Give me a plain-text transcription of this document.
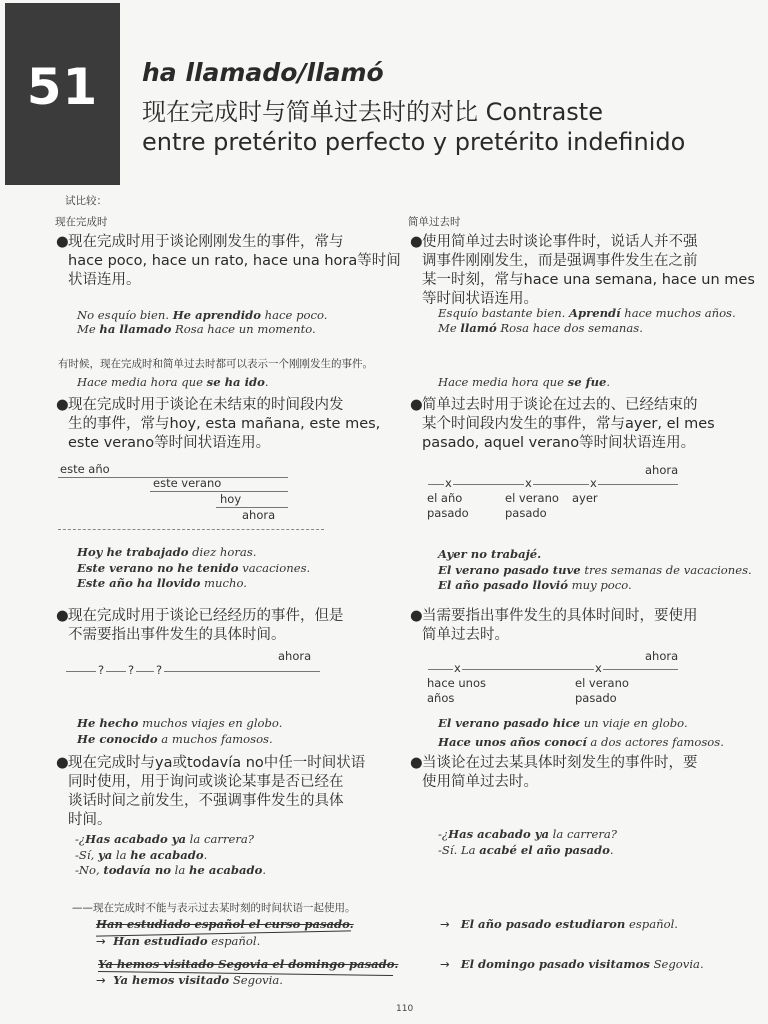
51	ha llamado/llamó
现在完成时与简单过去时的对比 Contraste
entre pretérito perfecto y pretérito indefinido
试比较：
现在完成时	简单过去时
● 现在完成时用于谈论刚刚发生的事件，常与
hace poco, hace un rato, hace una hora等时间
状语连用。
● 使用简单过去时谈论事件时，说话人并不强
调事件刚刚发生，而是强调事件发生在之前
某一时刻，常与hace una semana, hace un mes
等时间状语连用。
No esquío bien. He aprendido hace poco.
Me ha llamado Rosa hace un momento.
Esquío bastante bien. Aprendí hace muchos años.
Me llamó Rosa hace dos semanas.
有时候，现在完成时和简单过去时都可以表示一个刚刚发生的事件。
Hace media hora que se ha ido.	Hace media hora que se fue.
● 现在完成时用于谈论在未结束的时间段内发
生的事件，常与hoy, esta mañana, este mes,
este verano等时间状语连用。
● 简单过去时用于谈论在过去的、已经结束的
某个时间段内发生的事件，常与ayer, el mes
pasado, aquel verano等时间状语连用。
este año
este verano
hoy
ahora
ahora
x	x	x
el año
pasado
el verano
pasado
ayer
Hoy he trabajado diez horas.
Este verano no he tenido vacaciones.
Este año ha llovido mucho.
Ayer no trabajé.
El verano pasado tuve tres semanas de vacaciones.
El año pasado llovió muy poco.
● 现在完成时用于谈论已经经历的事件，但是
不需要指出事件发生的具体时间。
● 当需要指出事件发生的具体时间时，要使用
简单过去时。
ahora
? ? ?
ahora
x	x
hace unos
años
el verano
pasado
He hecho muchos viajes en globo.
He conocido a muchos famosos.
El verano pasado hice un viaje en globo.
Hace unos años conocí a dos actores famosos.
● 现在完成时与ya或todavía no中任一时间状语
同时使用，用于询问或谈论某事是否已经在
谈话时间之前发生，不强调事件发生的具体
时间。
● 当谈论在过去某具体时刻发生的事件时，要
使用简单过去时。
-¿Has acabado ya la carrera?
-Sí, ya la he acabado.
-No, todavía no la he acabado.
-¿Has acabado ya la carrera?
-Sí. La acabé el año pasado.
——现在完成时不能与表示过去某时刻的时间状语一起使用。
Han estudiado español el curso pasado.
→ Han estudiado español.
→ El año pasado estudiaron español.
Ya hemos visitado Segovia el domingo pasado.
→ Ya hemos visitado Segovia.
→ El domingo pasado visitamos Segovia.
110
